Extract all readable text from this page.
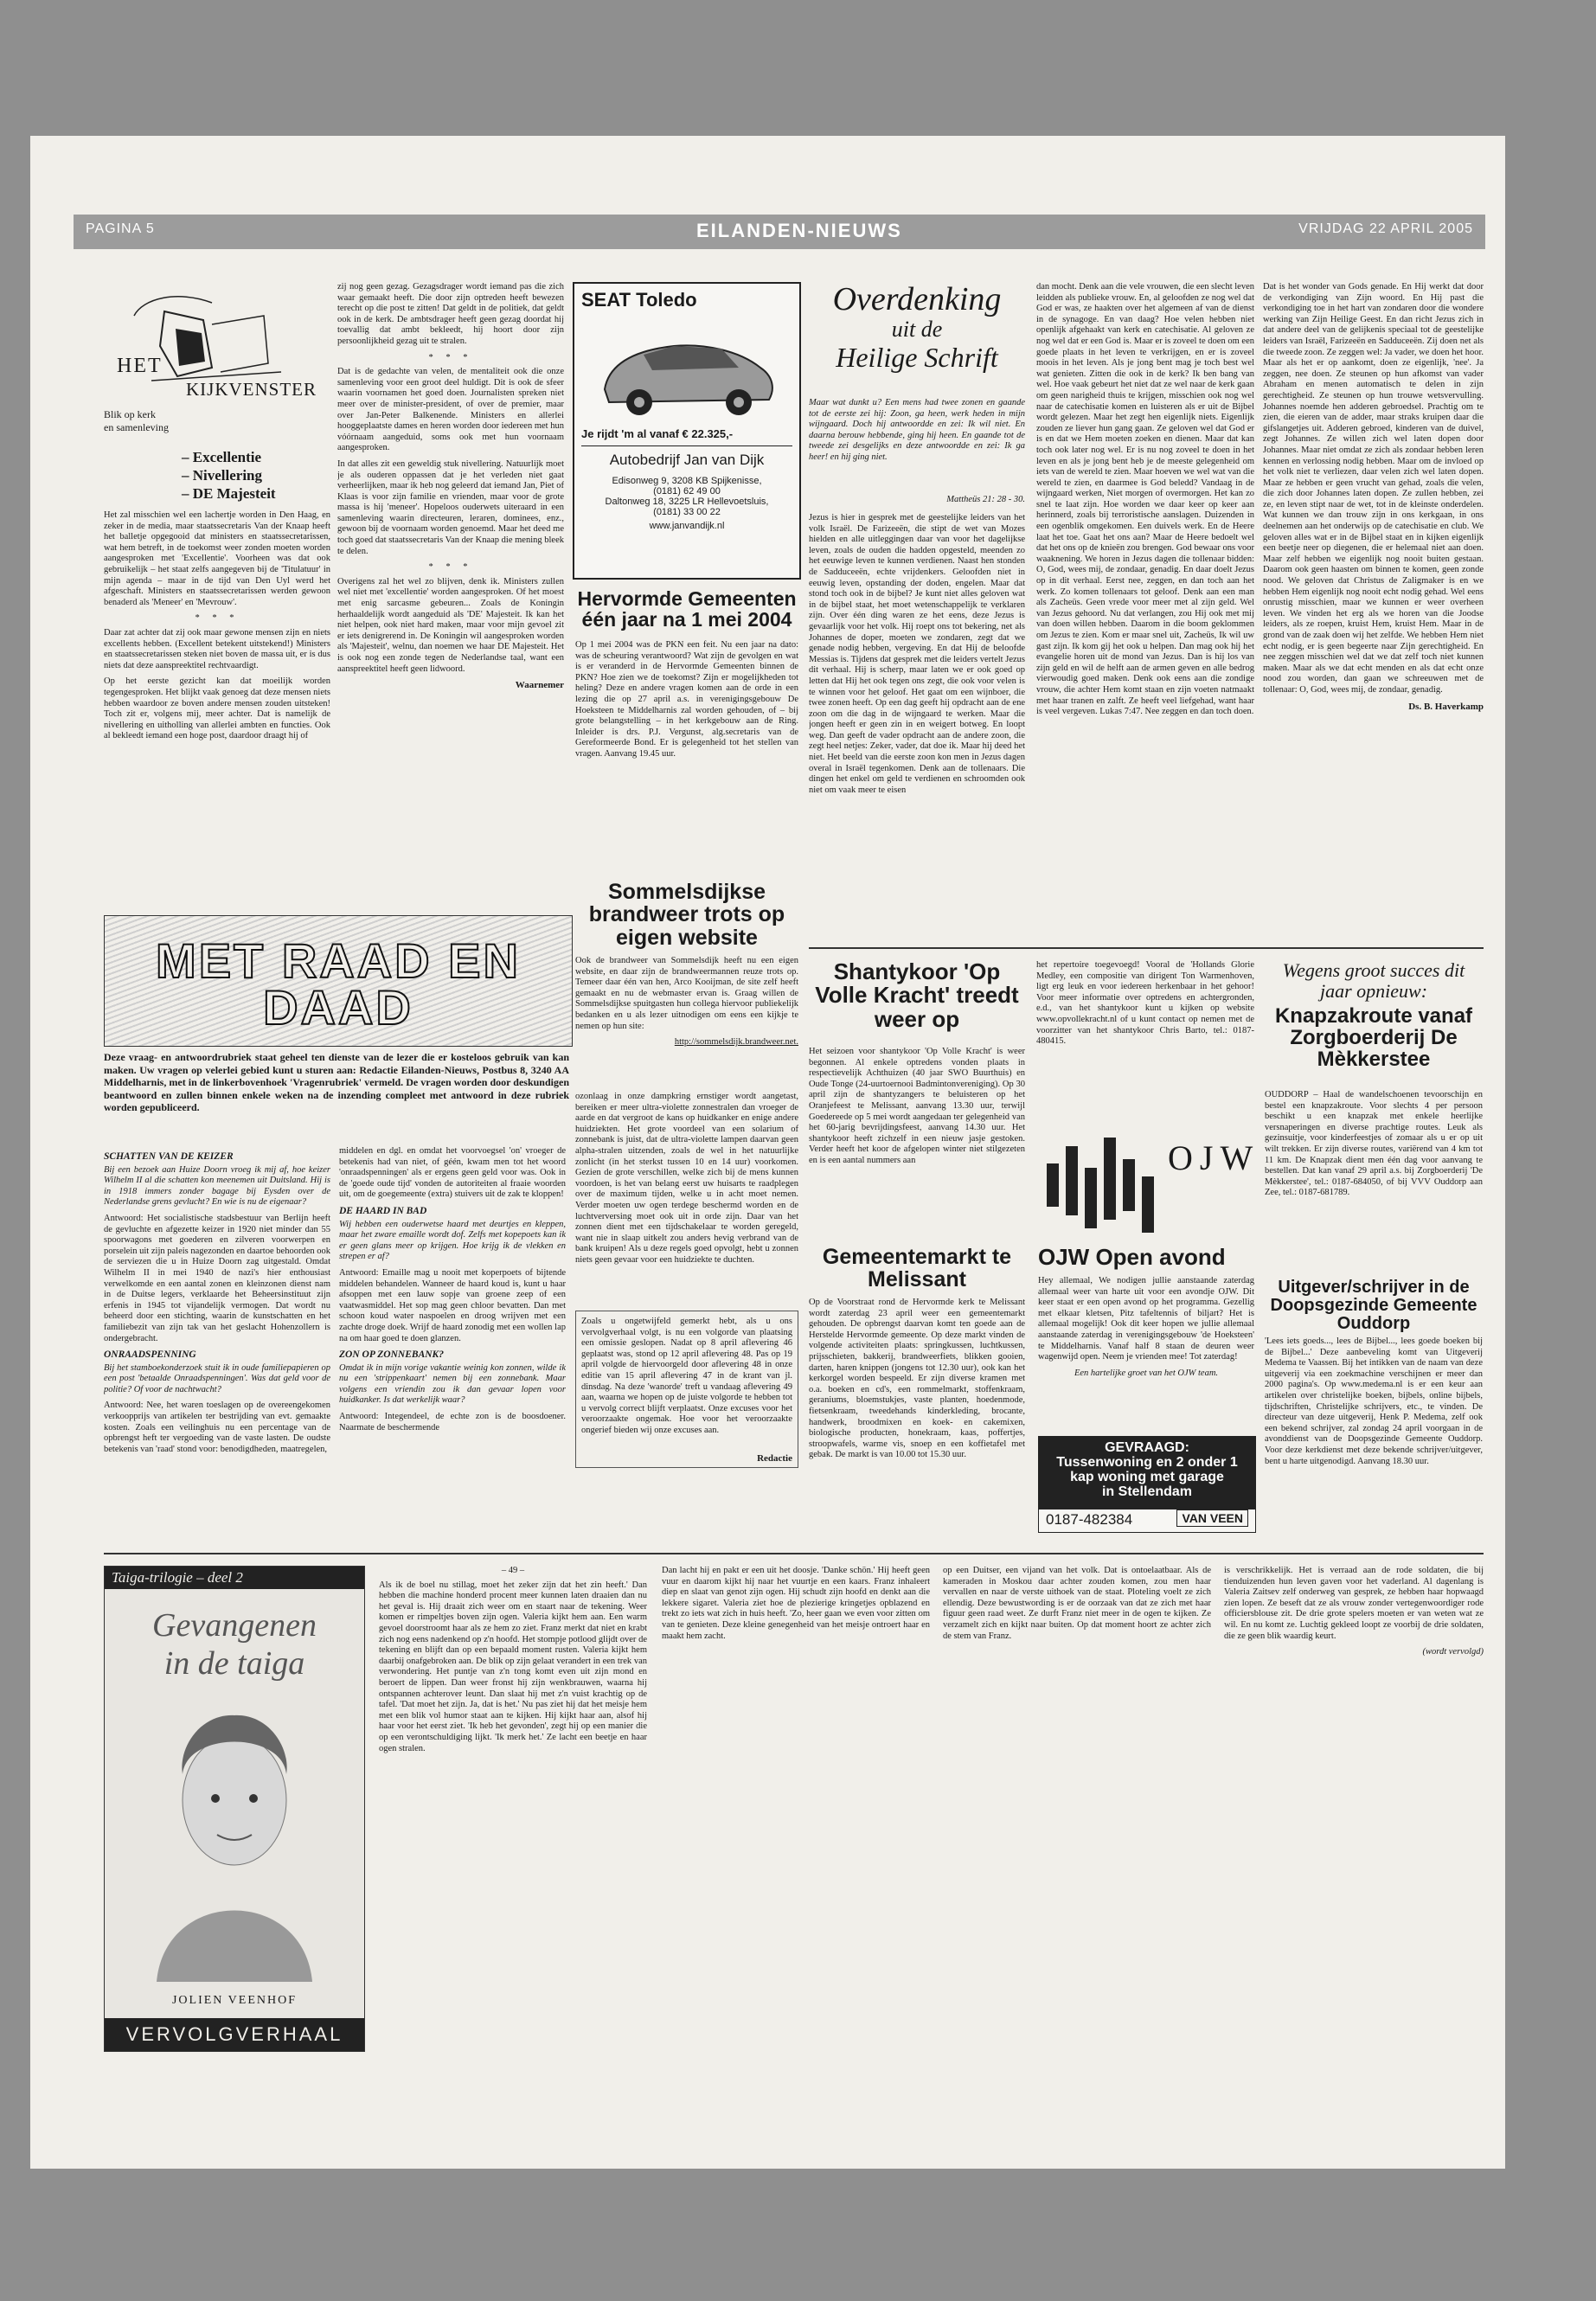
PAGINA 5	EILANDEN-NIEUWS	VRIJDAG 22 APRIL 2005
HET
KIJKVENSTER
Blik op kerk
en samenleving
– Excellentie
– Nivellering
– DE Majesteit

Het zal misschien wel een lachertje worden in Den Haag, en zeker in de media, maar staatssecretaris Van der Knaap heeft het balletje opgegooid dat ministers en staatssecretarissen, wat hem betreft, in de toekomst weer zonden moeten worden aangesproken met 'Excellentie'. Voorheen was dat ook gebruikelijk – het staat zelfs aangegeven bij de 'Titulatuur' in mijn agenda – maar in de tijd van Den Uyl werd het afgeschaft. Ministers en staatssecretarissen werden gewoon benaderd als 'Meneer' en 'Mevrouw'.

* * *

Daar zat achter dat zij ook maar gewone mensen zijn en niets excellents hebben. (Excellent betekent uitstekend!) Ministers en staatssecretarissen steken niet boven de massa uit, er is dus niets dat deze aanspreektitel rechtvaardigt.

Op het eerste gezicht kan dat moeilijk worden tegengesproken. Het blijkt vaak genoeg dat deze mensen niets hebben waardoor ze boven andere mensen zouden uitsteken! Toch zit er, volgens mij, meer achter. Dat is namelijk de nivellering en uitholling van allerlei ambten en functies. Ook al bekleedt iemand een hoge post, daardoor draagt hij of

zij nog geen gezag. Gezagsdrager wordt iemand pas die zich waar gemaakt heeft. Die door zijn optreden heeft bewezen terecht op die post te zitten! Dat geldt in de politiek, dat geldt ook in de kerk. De ambtsdrager heeft geen gezag doordat hij toevallig dat ambt bekleedt, hij hoort door zijn persoonlijkheid gezag uit te stralen.

* * *

Dat is de gedachte van velen, de mentaliteit ook die onze samenleving voor een groot deel huldigt. Dit is ook de sfeer waarin voornamen het goed doen. Journalisten spreken niet meer over de minister-president, of over de premier, maar over Jan-Peter Balkenende. Ministers en allerlei hooggeplaatste dames en heren worden door iedereen met hun vóórnaam aangeduid, soms ook met hun voornaam aangesproken.

In dat alles zit een geweldig stuk nivellering. Natuurlijk moet je als ouderen oppassen dat je het verleden niet gaat verheerlijken, maar ik heb nog geleerd dat iemand Jan, Piet of Klaas is voor zijn familie en vrienden, maar voor de grote massa is hij 'meneer'. Hopeloos ouderwets uiteraard in een samenleving waarin directeuren, leraren, dominees, enz., gewoon bij de voornaam worden genoemd. Maar het deed me toch goed dat staatssecretaris Van der Knaap die mening bleek te delen.

* * *

Overigens zal het wel zo blijven, denk ik. Ministers zullen wel niet met 'excellentie' worden aangesproken. Of het moest met enig sarcasme gebeuren... Zoals de Koningin herhaaldelijk wordt aangeduid als 'DE' Majesteit. Ik kan het niet helpen, ook niet hard maken, maar voor mijn gevoel zit er iets denigrerend in. De Koningin wil aangesproken worden als 'Majesteit', welnu, dan noemen we haar DE Majesteit. Het is ook nog een zonde tegen de Nederlandse taal, want een aanspreektitel heeft geen lidwoord.

Waarnemer
MET RAAD EN DAAD
Deze vraag- en antwoordrubriek staat geheel ten dienste van de lezer die er kosteloos gebruik van kan maken. Uw vragen op velerlei gebied kunt u sturen aan: Redactie Eilanden-Nieuws, Postbus 8, 3240 AA Middelharnis, met in de linkerbovenhoek 'Vragenrubriek' vermeld. De vragen worden door deskundigen beantwoord en zullen binnen enkele weken na de inzending compleet met antwoord in deze rubriek worden gepubliceerd.
SCHATTEN VAN DE KEIZER

Bij een bezoek aan Huize Doorn vroeg ik mij af, hoe keizer Wilhelm II al die schatten kon meenemen uit Duitsland. Hij is in 1918 immers zonder bagage bij Eysden over de Nederlandse grens gevlucht? En wie is nu de eigenaar?

Antwoord: Het socialistische stadsbestuur van Berlijn heeft de gevluchte en afgezette keizer in 1920 niet minder dan 55 spoorwagons met goederen en zilveren voorwerpen en porselein uit zijn paleis nagezonden en daartoe behoorden ook de serviezen die u in Huize Doorn zag uitgestald. Omdat Wilhelm II in mei 1940 de nazi's hier enthousiast verwelkomde en een aantal zonen en kleinzonen dienst nam in de Duitse legers, verklaarde het Beheersinstituut zijn erfenis in 1945 tot vijandelijk vermogen. Dat wordt nu beheerd door een stichting, waarin de kunstschatten en het familiebezit van zijn tak van het geslacht Hohenzollern is ondergebracht.

ONRAADSPENNING

Bij het stamboekonderzoek stuit ik in oude familiepapieren op een post 'betaalde Onraadspenningen'. Was dat geld voor de politie? Of voor de nachtwacht?

Antwoord: Nee, het waren toeslagen op de overeengekomen verkoopprijs van artikelen ter bestrijding van evt. gemaakte kosten. Zoals een veilinghuis nu een percentage van de opbrengst heft ter vergoeding van de vaste lasten. De oudste betekenis van 'raad' stond voor: benodigdheden, maatregelen,

middelen en dgl. en omdat het voorvoegsel 'on' vroeger de betekenis had van niet, of géén, kwam men tot het woord 'onraadspenningen' als er ergens geen geld voor was. Ook in de 'goede oude tijd' vonden de autoriteiten al fraaie woorden uit, om de goegemeente (extra) stuivers uit de zak te kloppen!

DE HAARD IN BAD

Wij hebben een ouderwetse haard met deurtjes en kleppen, maar het zware emaille wordt dof. Zelfs met kopepoets kan ik er geen glans meer op krijgen. Hoe krijg ik de vlekken en strepen er af?

Antwoord: Emaille mag u nooit met koperpoets of bijtende middelen behandelen. Wanneer de haard koud is, kunt u haar afsoppen met een lauw sopje van groene zeep of een vaatwasmiddel. Het sop mag geen chloor bevatten. Dan met schoon koud water naspoelen en droog wrijven met een zachte droge doek. Wrijf de haard zonodig met een wollen lap na om haar goed te doen glanzen.

ZON OP ZONNEBANK?

Omdat ik in mijn vorige vakantie weinig kon zonnen, wilde ik nu een 'strippenkaart' nemen bij een zonnebank. Maar volgens een vriendin zou ik dan gevaar lopen voor huidkanker. Is dat werkelijk waar?

Antwoord: Integendeel, de echte zon is de boosdoener. Naarmate de beschermende

SEAT Toledo
Je rijdt 'm al vanaf € 22.325,-
Autobedrijf Jan van Dijk
Edisonweg 9, 3208 KB Spijkenisse,
(0181) 62 49 00
Daltonweg 18, 3225 LR Hellevoetsluis,
(0181) 33 00 22
www.janvandijk.nl
Hervormde Gemeenten één jaar na 1 mei 2004
Op 1 mei 2004 was de PKN een feit. Nu een jaar na dato: was de scheuring verantwoord? Wat zijn de gevolgen en wat is er veranderd in de Hervormde Gemeenten binnen de PKN? Hoe zien we de toekomst? Zijn er mogelijkheden tot heling? Deze en andere vragen komen aan de orde in een lezing die op 27 april a.s. in verenigingsgebouw De Hoeksteen te Middelharnis zal worden gehouden, of – bij grote belangstelling – in het kerkgebouw aan de Ring. Inleider is drs. P.J. Vergunst, alg.secretaris van de Gereformeerde Bond. Er is gelegenheid tot het stellen van vragen. Aanvang 19.45 uur.
Sommelsdijkse brandweer trots op eigen website

Ook de brandweer van Sommelsdijk heeft nu een eigen website, en daar zijn de brandweermannen reuze trots op. Temeer daar één van hen, Arco Kooijman, de site zelf heeft gemaakt en nu de webmaster ervan is. Graag willen de Sommelsdijkse spuitgasten hun collega hiervoor publiekelijk bedanken en u als lezer uitnodigen om eens een kijkje te nemen op hun site:

http://sommelsdijk.brandweer.net.

ozonlaag in onze dampkring ernstiger wordt aangetast, bereiken er meer ultra-violette zonnestralen dan vroeger de aarde en dat vergroot de kans op huidkanker en enige andere huidziekten. Het grote voordeel van een solarium of zonnebank is juist, dat de ultra-violette lampen daarvan geen alpha-stralen uitzenden, zoals de wel in het natuurlijke zonlicht (in het sterkst tussen 10 en 14 uur) voorkomen. Gezien de grote verschillen, welke zich bij de mens kunnen voordoen, is het van belang eerst uw huisarts te raadplegen over de maximum tijden, welke u in acht moet nemen. Verder moeten uw ogen terdege beschermd worden en de luchtverversing moet ook uit in orde zijn. Daar van het zonnen dient met een tijdschakelaar te worden geregeld, want nie in slaap uitkelt zou anders hevig verbrand van de bank kruipen! Als u deze regels goed opvolgt, hebt u zonnen niets geen gevaar voor een huidziekte te duchten.
Zoals u ongetwijfeld gemerkt hebt, als u ons vervolgverhaal volgt, is nu een volgorde van plaatsing een omissie geslopen. Nadat op 8 april aflevering 46 geplaatst was, stond op 12 april aflevering 48. Pas op 19 april volgde de hiervoorgeld door aflevering 48 in onze editie van 15 april aflevering 47 in de krant van jl. dinsdag. Na deze 'wanorde' treft u vandaag aflevering 49 aan, waarna we hopen op de juiste volgorde te hebben tot u vervolg correct blijft verplaatst. Onze excuses voor het veroorzaakte ongemak. Hoe voor het veroorzaakte ongerief bieden wij onze excuses aan.
Redactie
Overdenking
uit de
Heilige Schrift
Maar wat dunkt u? Een mens had twee zonen en gaande tot de eerste zei hij: Zoon, ga heen, werk heden in mijn wijngaard. Doch hij antwoordde en zei: Ik wil niet. En daarna berouw hebbende, ging hij heen. En gaande tot de tweede zei desgelijks en deze antwoordde en zei: Ik ga heer! en hij ging niet.
Mattheüs 21: 28 - 30.
Jezus is hier in gesprek met de geestelijke leiders van het volk Israël. De Farizeeën, die stipt de wet van Mozes hielden en alle uitleggingen daar van voor het dagelijkse leven, zoals de ouden die hadden opgesteld, meenden zo het eeuwige leven te kunnen verdienen. Naast hen stonden de Sadduceeën, echte vrijdenkers. Geloofden niet in eeuwig leven, opstanding der doden, engelen. Maar dat stond toch ook in de bijbel? Je kunt niet alles geloven wat in de bijbel staat, het moet wetenschappelijk te verklaren zijn. Over één ding waren ze het eens, deze Jezus is gevaarlijk voor het volk. Hij roept ons tot bekering, net als Johannes de doper, moeten we zondaren, zegt dat we genade nodig hebben, vergeving. En dat Hij de beloofde Messias is. Tijdens dat gesprek met die leiders vertelt Jezus dit verhaal. Hij is scherp, maar laten we er ook goed op letten dat Hij het ook tegen ons zegt, die ook voor velen is te winnen voor het geloof. Het gaat om een wijnboer, die twee zonen heeft. Op een dag geeft hij opdracht aan de ene zoon om die dag in de wijngaard te werken. Maar die jongen heeft er geen zin in en weigert botweg. En loopt weg. Dan geeft de vader opdracht aan de andere zoon, die zegt heel netjes: Zeker, vader, dat doe ik. Maar hij deed het niet. Het beeld van die eerste zoon kon men in Jezus dagen overal in Israël tegenkomen. Denk aan de tollenaars. Die dingen het enkel om geld te verdienen en schroomden ook niet om vaak meer te eisen
dan mocht. Denk aan die vele vrouwen, die een slecht leven leidden als publieke vrouw. En, al geloofden ze nog wel dat God er was, ze haakten over het algemeen af van de dienst in de synagoge. En van daag? Hoe velen hebben niet openlijk afgehaakt van kerk en catechisatie. Al geloven ze nog wel dat er een God is. Maar er is zoveel te doen om een goede plaats in het leven te verkrijgen, en er is zoveel moois in het leven. Als je jong bent mag je toch best wel wat genieten. Zitten die ook in de kerk? Ik ben bang van wel. Hoe vaak gebeurt het niet dat ze wel naar de kerk gaan om geen narigheid thuis te krijgen, misschien ook nog wel naar de catechisatie komen en luisteren als er uit de Bijbel wordt gelezen. Maar het zegt hen eigenlijk niets. Eigenlijk zouden ze liever hun gang gaan. Ze geloven wel dat God er is en dat we Hem moeten zoeken en dienen. Maar dat kan toch ook later nog wel. Er is nu nog zoveel te doen in het leven en als je jong bent heb je de meeste gelegenheid om iets van de wereld te zien. Maar hoeven we wel wat van die wereld te zien, en daarmee is God beledd? Vandaag in de wijngaard werken, Niet morgen of overmorgen. Het kan zo snel te laat zijn. Hoe worden we daar keer op keer aan herinnerd, zoals bij terroristische aanslagen. Duizenden in een ogenblik omgekomen. Een duivels werk. En de Heere laat het toe. Gaat het ons aan? Maar de Heere bedoelt wel dat het ons op de knieën zou brengen. God bewaar ons voor waaknening. We horen in Jezus dagen die tollenaar bidden: O, God, wees mij, de zondaar, genadig. En daar doelt Jezus op in dit verhaal. Eerst nee, zeggen, en dan toch aan het werk. Zo komen tollenaars tot geloof. Denk aan een man als Zacheüs. Geen vrede voor meer met al zijn geld. Wel van Jezus gehoord. Nu dat verlangen, zou Hij ook met mij van doen willen hebben. Daarom in die boom geklommen om Jezus te zien. Kom er maar snel uit, Zacheüs, Ik wil uw gast zijn. Ik kom gij het ook u helpen. Dan mag ook hij het evangelie horen uit de mond van Jezus. Dan is hij los van zijn geld en wil de helft aan de armen geven en alle bedrog vierwoudig goed maken. Denk ook eens aan die zondige vrouw, die achter Hem komt staan en zijn voeten natmaakt met haar tranen en zalft. Ze heeft veel liefgehad, want haar is veel vergeven. Lukas 7:47. Nee zeggen en dan toch doen.
Dat is het wonder van Gods genade. En Hij werkt dat door de verkondiging van Zijn woord. En Hij past die verkondiging toe in het hart van zondaren door die wondere werking van Zijn Heilige Geest. En dan richt Jezus zich in dat andere deel van de gelijkenis speciaal tot de geestelijke leiders van Israël, Farizeeën en Sadduceeën. Zij doen net als die tweede zoon. Ze zeggen wel: Ja vader, we doen het hoor. Maar als het er op aankomt, doen ze eigenlijk, 'nee'. Ja zeggen, nee doen. Ze steunen op hun afkomst van vader Abraham en menen automatisch te delen in zijn gerechtigheid. Ze steunen op hun trouwe wetsvervulling. Johannes noemde hen adderen gebroedsel. Prachtig om te zien, die eieren van de adder, maar straks kruipen daar die gifslangetjes uit. Adderen gebroed, kinderen van de duivel, zegt Johannes. Ze willen zich wel laten dopen door Johannes. Maar niet omdat ze zich als zondaar hebben leren kennen en verlossing nodig hebben. Maar om de invloed op het volk niet te verliezen, daar velen zich wel laten dopen. Maar ze hebben er geen vrucht van gehad, zoals die velen, die zich door Johannes laten dopen. Ze zullen hebben, zei ze, en leven stipt naar de wet, tot in de kleinste onderdelen. Wat kunnen we dan trouw zijn in ons kerkgaan, in ons deelnemen aan het onderwijs op de catechisatie en club. We geloven alles wat er in de Bijbel staat en in kijken eigenlijk een beetje neer op diegenen, die er helemaal niet aan doen. Maar zelf hebben we eigenlijk nog nooit buiten gestaan. Daarom ook geen haasten om binnen te komen, geen zonde nood. We geloven dat Christus de Zaligmaker is en we hebben Hem eigenlijk nog nooit echt nodig gehad. Wel eens onrustig misschien, maar we kunnen er weer overheen leven. We vinden het erg als we horen van die Joodse leiders, als ze roepen, kruist Hem, kruist Hem. Maar in de grond van de zaak doen wij het zelfde. We hebben Hem niet echt nodig, er is geen begeerte naar Zijn gerechtigheid. En nee zeggen misschien wel dat we dat zelf toch niet kunnen maken. Maar als we dat echt menden en als dat echt onze nood zou worden, dan gaan we schreeuwen met de tollenaar: O, God, wees mij, de zondaar, genadig.
Ds. B. Haverkamp
Shantykoor 'Op Volle Kracht' treedt weer op
Het seizoen voor shantykoor 'Op Volle Kracht' is weer begonnen. Al enkele optredens vonden plaats in respectievelijk Achthuizen (40 jaar SWO Buurthuis) en Oude Tonge (24-uurtoernooi Badmintonvereniging). Op 30 april zijn de shantyzangers te beluisteren op het Oranjefeest te Melissant, aanvang 13.30 uur, terwijl Goedereede op 5 mei wordt aangedaan ter gelegenheid van het 60-jarig bevrijdingsfeest, aanvang 14.30 uur. Het shantykoor heeft zichzelf in een nieuw jasje gestoken. Verder heeft het koor de afgelopen winter niet stilgezeten en is een aantal nummers aan
het repertoire toegevoegd! Vooral de 'Hollands Glorie Medley, een compositie van dirigent Ton Warmenhoven, ligt erg leuk en voor iedereen herkenbaar in het gehoor! Voor meer informatie over optredens en achtergronden, e.d., van het shantykoor kunt u kijken op website www.opvollekracht.nl of u kunt contact op nemen met de voorzitter van het shantykoor Chris Barto, tel.: 0187-480415.
Gemeentemarkt te Melissant
Op de Voorstraat rond de Hervormde kerk te Melissant wordt zaterdag 23 april weer een gemeentemarkt gehouden. De opbrengst daarvan komt ten goede aan de Herstelde Hervormde gemeente. Op deze markt vinden de volgende activiteiten plaats: springkussen, luchtkussen, prijsschieten, bakkerij, brandweerfiets, blikken gooien, darten, haren knippen (jongens tot 12.30 uur), ook kan het kerkorgel worden bespeeld. Er zijn diverse kramen met o.a. boeken en cd's, een rommelmarkt, stoffenkraam, geraniums, bloemstukjes, vaste planten, hoedenmode, fietsenkraam, tweedehands kinderkleding, brocante, handwerk, broodmixen en koek- en cakemixen, biologische producten, honekraam, kaas, poffertjes, stroopwafels, warme vis, snoep en een koffietafel met gebak. De markt is van 10.00 tot 15.30 uur.
OJW
OJW Open avond

Hey allemaal, We nodigen jullie aanstaande zaterdag allemaal weer van harte uit voor een avondje OJW. Dit keer staat er een open avond op het programma. Gezellig met elkaar kletsen, Pitz tafeltennis of biljart? Het is allemaal mogelijk! Ook dit keer hopen we jullie allemaal aanstaande zaterdag in verenigingsgebouw 'de Hoeksteen' te Middelharnis. Vanaf half 8 staan de deuren weer wagenwijd open. Neem je vrienden mee! Tot zaterdag!

Een hartelijke groet van het OJW team.

GEVRAAGD:
Tussenwoning en 2 onder 1
kap woning met garage
in Stellendam
0187-482384	VAN VEEN
Wegens groot succes dit
jaar opnieuw:
Knapzakroute vanaf Zorgboerderij De Mèkkerstee
OUDDORP – Haal de wandelschoenen tevoorschijn en bestel een knapzakroute. Voor slechts 4 per persoon beschikt u een knapzak met enkele heerlijke versnaperingen en diverse prachtige routes. Leuk als gezinsuitje, voor kinderfeestjes of zomaar als u er op uit wilt trekken. Er zijn diverse routes, variërend van 4 km tot 11 km. De Knapzak dient men één dag voor aanvang te bestellen. Dat kan vanaf 29 april a.s. bij Zorgboerderij 'De Mèkkerstee', tel.: 0187-684050, of bij VVV Ouddorp aan Zee, tel.: 0187-681789.
Uitgever/schrijver in de Doopsgezinde Gemeente Ouddorp
'Lees iets goeds..., lees de Bijbel..., lees goede boeken bij de Bijbel...' Deze aanbeveling komt van Uitgeverij Medema te Vaassen. Bij het intikken van de naam van deze uitgeverij via een zoekmachine verschijnen er meer dan 2000 pagina's. Op www.medema.nl is er een keur aan artikelen over christelijke boeken, bijbels, online bijbels, tijdschriften, Christelijke schrijvers, etc., te vinden. De directeur van deze uitgeverij, Henk P. Medema, zelf ook een bekend schrijver, zal zondag 24 april voorgaan in de avonddienst van de Doopsgezinde Gemeente Ouddorp. Voor deze kerkdienst met deze bekende schrijver/uitgever, bent u harte uitgenodigd. Aanvang 18.30 uur.
Taiga-trilogie – deel 2
Gevangenen
in de taiga
JOLIEN VEENHOF
VERVOLGVERHAAL
– 49 –

Als ik de boel nu stillag, moet het zeker zijn dat het zin heeft.' Dan hebben die machine honderd procent meer kunnen laten draaien dan nu het geval is. Hij draait zich weer om en staart naar de tekening. Weer komen er rimpeltjes boven zijn ogen. Valeria kijkt hem aan. Een warm gevoel doorstroomt haar als ze hem zo ziet. Franz merkt dat niet en krabt zich nog eens nadenkend op z'n hoofd. Het stompje potlood glijdt over de tekening en blijft dan op een bepaald moment rusten. Valeria kijkt hem daarbij onafgebroken aan. De blik op zijn gelaat verandert in een trek van verwondering. Het puntje van z'n tong komt even uit zijn mond en beroert de lippen. Dan weer fronst hij zijn wenkbrauwen, waarna hij ontspannen achterover leunt. Dan slaat hij met z'n vuist krachtig op de tafel. 'Dat moet het zijn. Ja, dat is het.' Nu pas ziet hij dat het meisje hem met een blik vol humor staat aan te kijken. Hij kijkt haar aan, alsof hij haar voor het eerst ziet. 'Ik heb het gevonden', zegt hij op een manier die op een verontschuldiging lijkt. 'Ik merk het.' Ze lacht een beetje en haar ogen stralen.

Dan lacht hij en pakt er een uit het doosje. 'Danke schön.' Hij heeft geen vuur en daarom kijkt hij naar het vuurtje en een kaars. Franz inhaleert diep en slaat van genot zijn ogen. Hij schudt zijn hoofd en denkt aan die lekkere sigaret. Valeria ziet hoe de plezierige kringetjes opblazend en trekt zo iets wat zich in huis heeft. 'Zo, heer gaan we even voor zitten om van te genieten. Deze kleine genegenheid van het meisje ontroert haar en maakt hem zacht.
op een Duitser, een vijand van het volk. Dat is ontoelaatbaar. Als de kameraden in Moskou daar achter zouden komen, zou men haar vervallen en naar de verste uithoek van de staat. Ploteling voelt ze zich ellendig. Deze bewustwording is er de oorzaak van dat ze zich met haar figuur geen raad weet. Ze durft Franz niet meer in de ogen te kijken. Ze verzamelt zich en kijkt naar buiten. Op dat moment hoort ze achter zich de stem van Franz.

is verschrikkelijk. Het is verraad aan de rode soldaten, die bij tienduizenden hun leven gaven voor het vaderland. Al dagenlang is Valeria Zaitsev zelf onderweg van gesprek, ze hebben haar hopwaagd zien lopen. Ze beseft dat ze als vrouw zonder vertegenwoordiger rode officiersblouse zit. De drie grote spelers moeten er van weten wat ze wil. En nu komt ze. Luchtig gekleed loopt ze voorbij de drie soldaten, die ze geen blik waardig keurt.

(wordt vervolgd)
